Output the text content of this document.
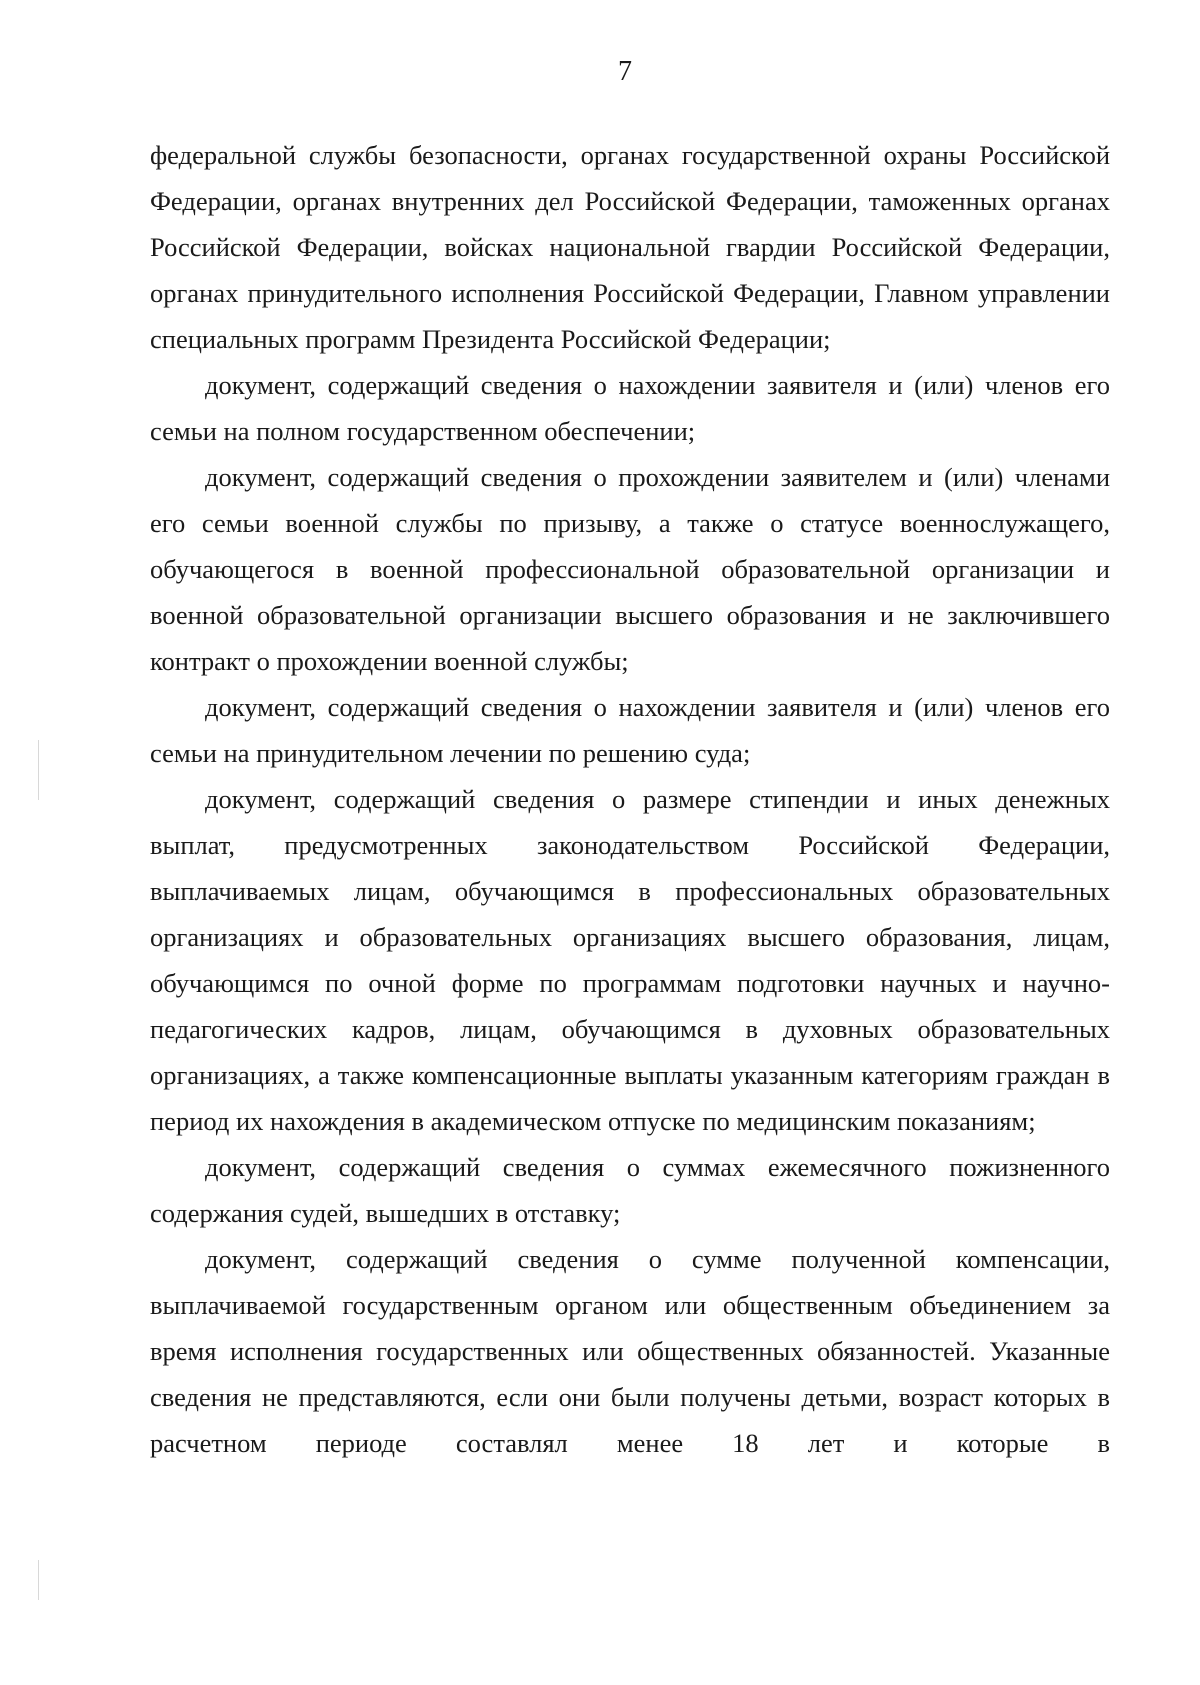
7

федеральной службы безопасности, органах государственной охраны Российской Федерации, органах внутренних дел Российской Федерации, таможенных органах Российской Федерации, войсках национальной гвардии Российской Федерации, органах принудительного исполнения Российской Федерации, Главном управлении специальных программ Президента Российской Федерации;

документ, содержащий сведения о нахождении заявителя и (или) членов его семьи на полном государственном обеспечении;

документ, содержащий сведения о прохождении заявителем и (или) членами его семьи военной службы по призыву, а также о статусе военнослужащего, обучающегося в военной профессиональной образовательной организации и военной образовательной организации высшего образования и не заключившего контракт о прохождении военной службы;

документ, содержащий сведения о нахождении заявителя и (или) членов его семьи на принудительном лечении по решению суда;

документ, содержащий сведения о размере стипендии и иных денежных выплат, предусмотренных законодательством Российской Федерации, выплачиваемых лицам, обучающимся в профессиональных образовательных организациях и образовательных организациях высшего образования, лицам, обучающимся по очной форме по программам подготовки научных и научно-педагогических кадров, лицам, обучающимся в духовных образовательных организациях, а также компенсационные выплаты указанным категориям граждан в период их нахождения в академическом отпуске по медицинским показаниям;

документ, содержащий сведения о суммах ежемесячного пожизненного содержания судей, вышедших в отставку;

документ, содержащий сведения о сумме полученной компенсации, выплачиваемой государственным органом или общественным объединением за время исполнения государственных или общественных обязанностей. Указанные сведения не представляются, если они были получены детьми, возраст которых в расчетном периоде составлял менее 18 лет и которые в
